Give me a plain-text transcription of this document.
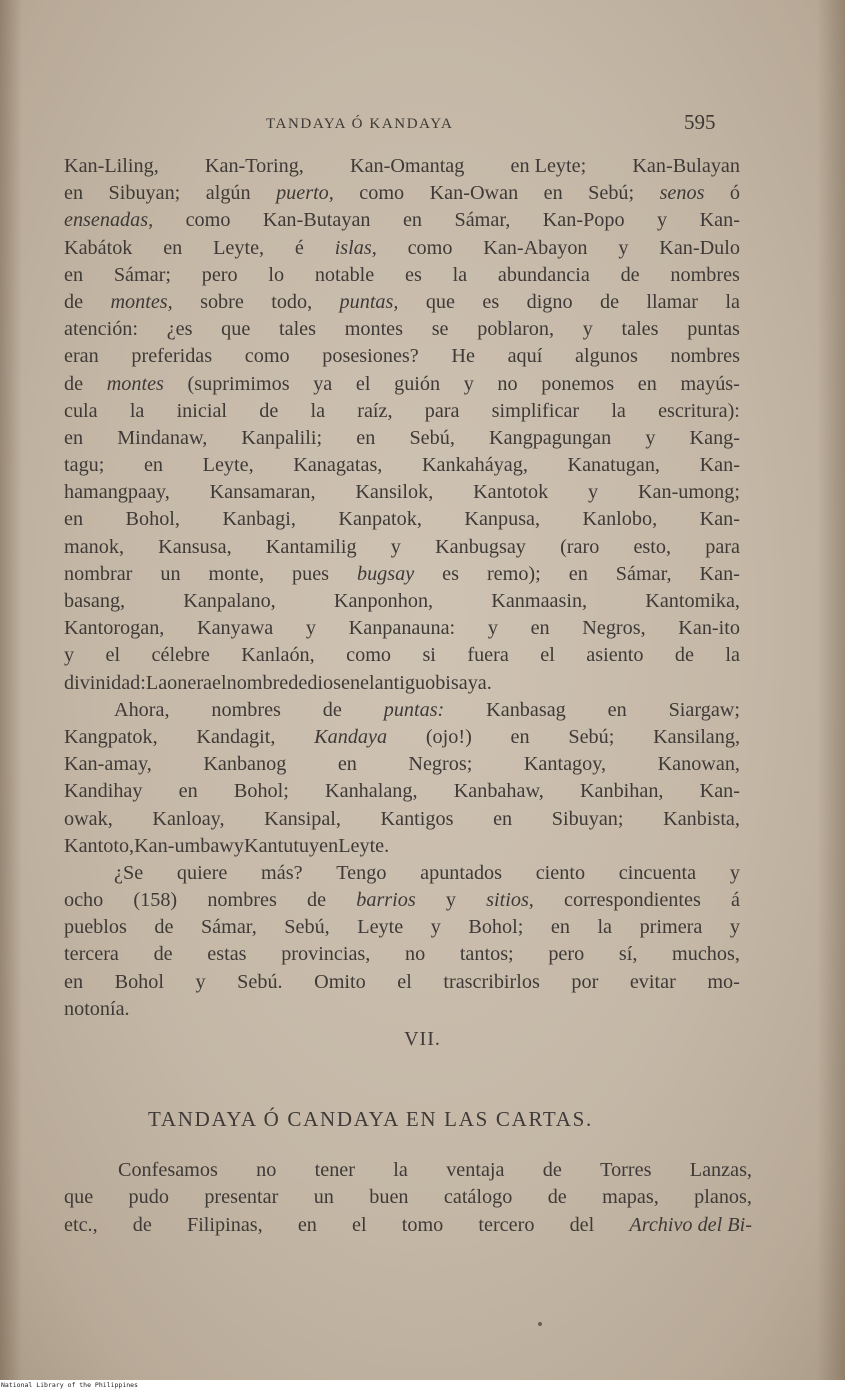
TANDAYA Ó KANDAYA	595
Kan-Liling, Kan-Toring, Kan-Omantag en Leyte; Kan-Bulayan
en Sibuyan; algún puerto, como Kan-Owan en Sebú; senos ó
ensenadas, como Kan-Butayan en Sámar, Kan-Popo y Kan-
Kabátok en Leyte, é islas, como Kan-Abayon y Kan-Dulo
en Sámar; pero lo notable es la abundancia de nombres
de montes, sobre todo, puntas, que es digno de llamar la
atención: ¿es que tales montes se poblaron, y tales puntas
eran preferidas como posesiones? He aquí algunos nombres
de montes (suprimimos ya el guión y no ponemos en mayús-
cula la inicial de la raíz, para simplificar la escritura):
en Mindanaw, Kanpalili; en Sebú, Kangpagungan y Kang-
tagu; en Leyte, Kanagatas, Kankaháyag, Kanatugan, Kan-
hamangpaay, Kansamaran, Kansilok, Kantotok y Kan-umong;
en Bohol, Kanbagi, Kanpatok, Kanpusa, Kanlobo, Kan-
manok, Kansusa, Kantamilig y Kanbugsay (raro esto, para
nombrar un monte, pues bugsay es remo); en Sámar, Kan-
basang,	Kanpalano,	Kanponhon,	Kanmaasin,	Kantomika,
Kantorogan, Kanyawa y Kanpanauna: y en Negros, Kan-ito
y el célebre Kanlaón, como si fuera el asiento de la
divinidad: Laon era el nombre de dios en el antiguo bisaya.
Ahora, nombres de puntas: Kanbasag en Siargaw;
Kangpatok, Kandagit, Kandaya (ojo!) en Sebú; Kansilang,
Kan-amay,	Kanbanog	en	Negros;	Kantagoy,	Kanowan,
Kandihay en Bohol; Kanhalang, Kanbahaw, Kanbihan, Kan-
owak, Kanloay, Kansipal, Kantigos en Sibuyan; Kanbista,
Kantoto, Kan-umbaw y Kantutuy en Leyte.
¿Se quiere más? Tengo apuntados ciento cincuenta y
ocho (158) nombres de barrios y sitios, correspondientes á
pueblos de Sámar, Sebú, Leyte y Bohol; en la primera y
tercera de estas provincias, no tantos; pero sí, muchos,
en Bohol y Sebú. Omito el trascribirlos por evitar mo-
notonía.
VII.
TANDAYA Ó CANDAYA EN LAS CARTAS.
Confesamos no tener la ventaja de Torres Lanzas,
que pudo presentar un buen catálogo de mapas, planos,
etc., de Filipinas, en el tomo tercero del Archivo del Bi-
National Library of the Philippines
